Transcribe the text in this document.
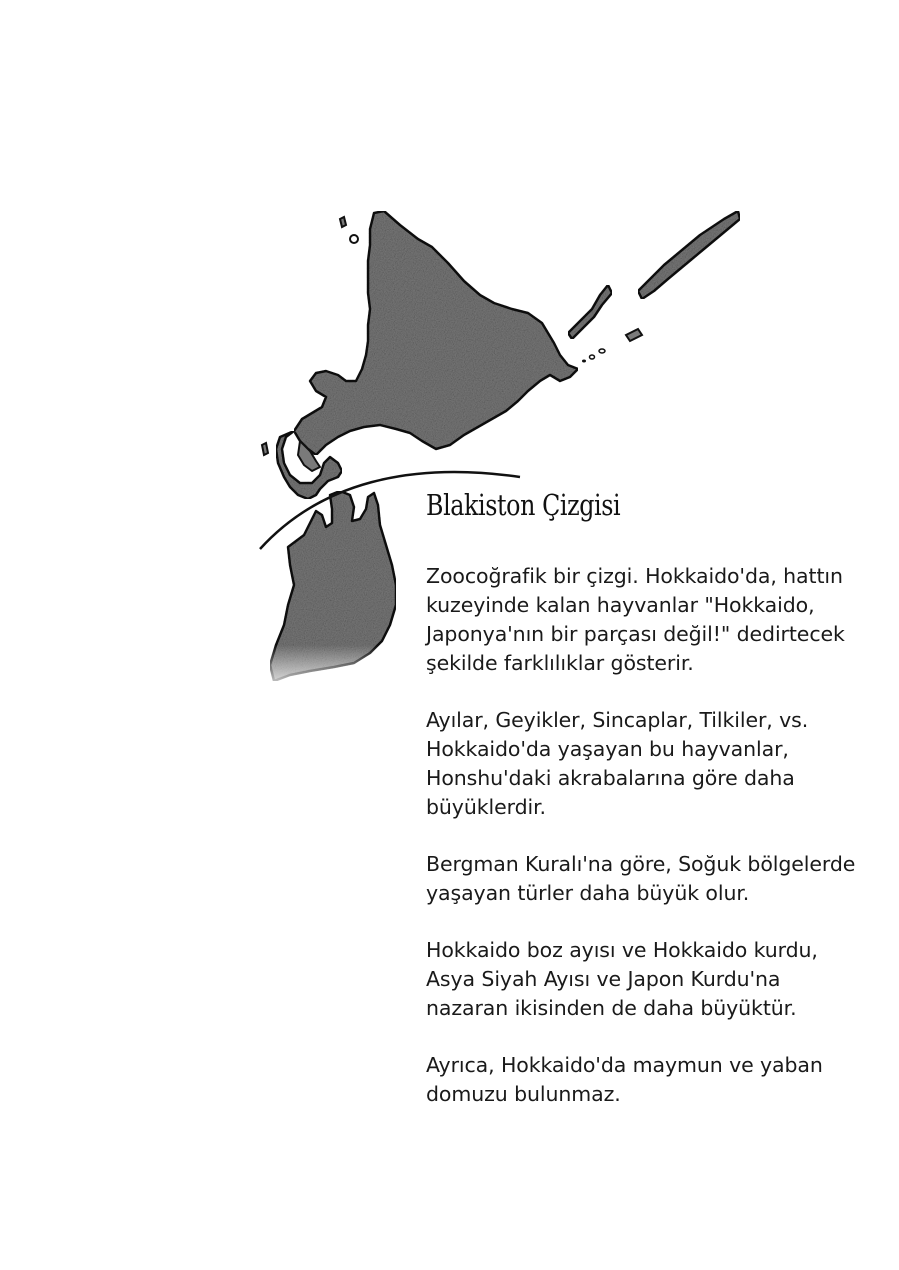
Blakiston Çizgisi

Zoocoğrafik bir çizgi. Hokkaido'da, hattın
kuzeyinde kalan hayvanlar "Hokkaido,
Japonya'nın bir parçası değil!" dedirtecek
şekilde farklılıklar gösterir.

Ayılar, Geyikler, Sincaplar, Tilkiler, vs.
Hokkaido'da yaşayan bu hayvanlar,
Honshu'daki akrabalarına göre daha
büyüklerdir.

Bergman Kuralı'na göre, Soğuk bölgelerde
yaşayan türler daha büyük olur.

Hokkaido boz ayısı ve Hokkaido kurdu,
Asya Siyah Ayısı ve Japon Kurdu'na
nazaran ikisinden de daha büyüktür.

Ayrıca, Hokkaido'da maymun ve yaban
domuzu bulunmaz.
